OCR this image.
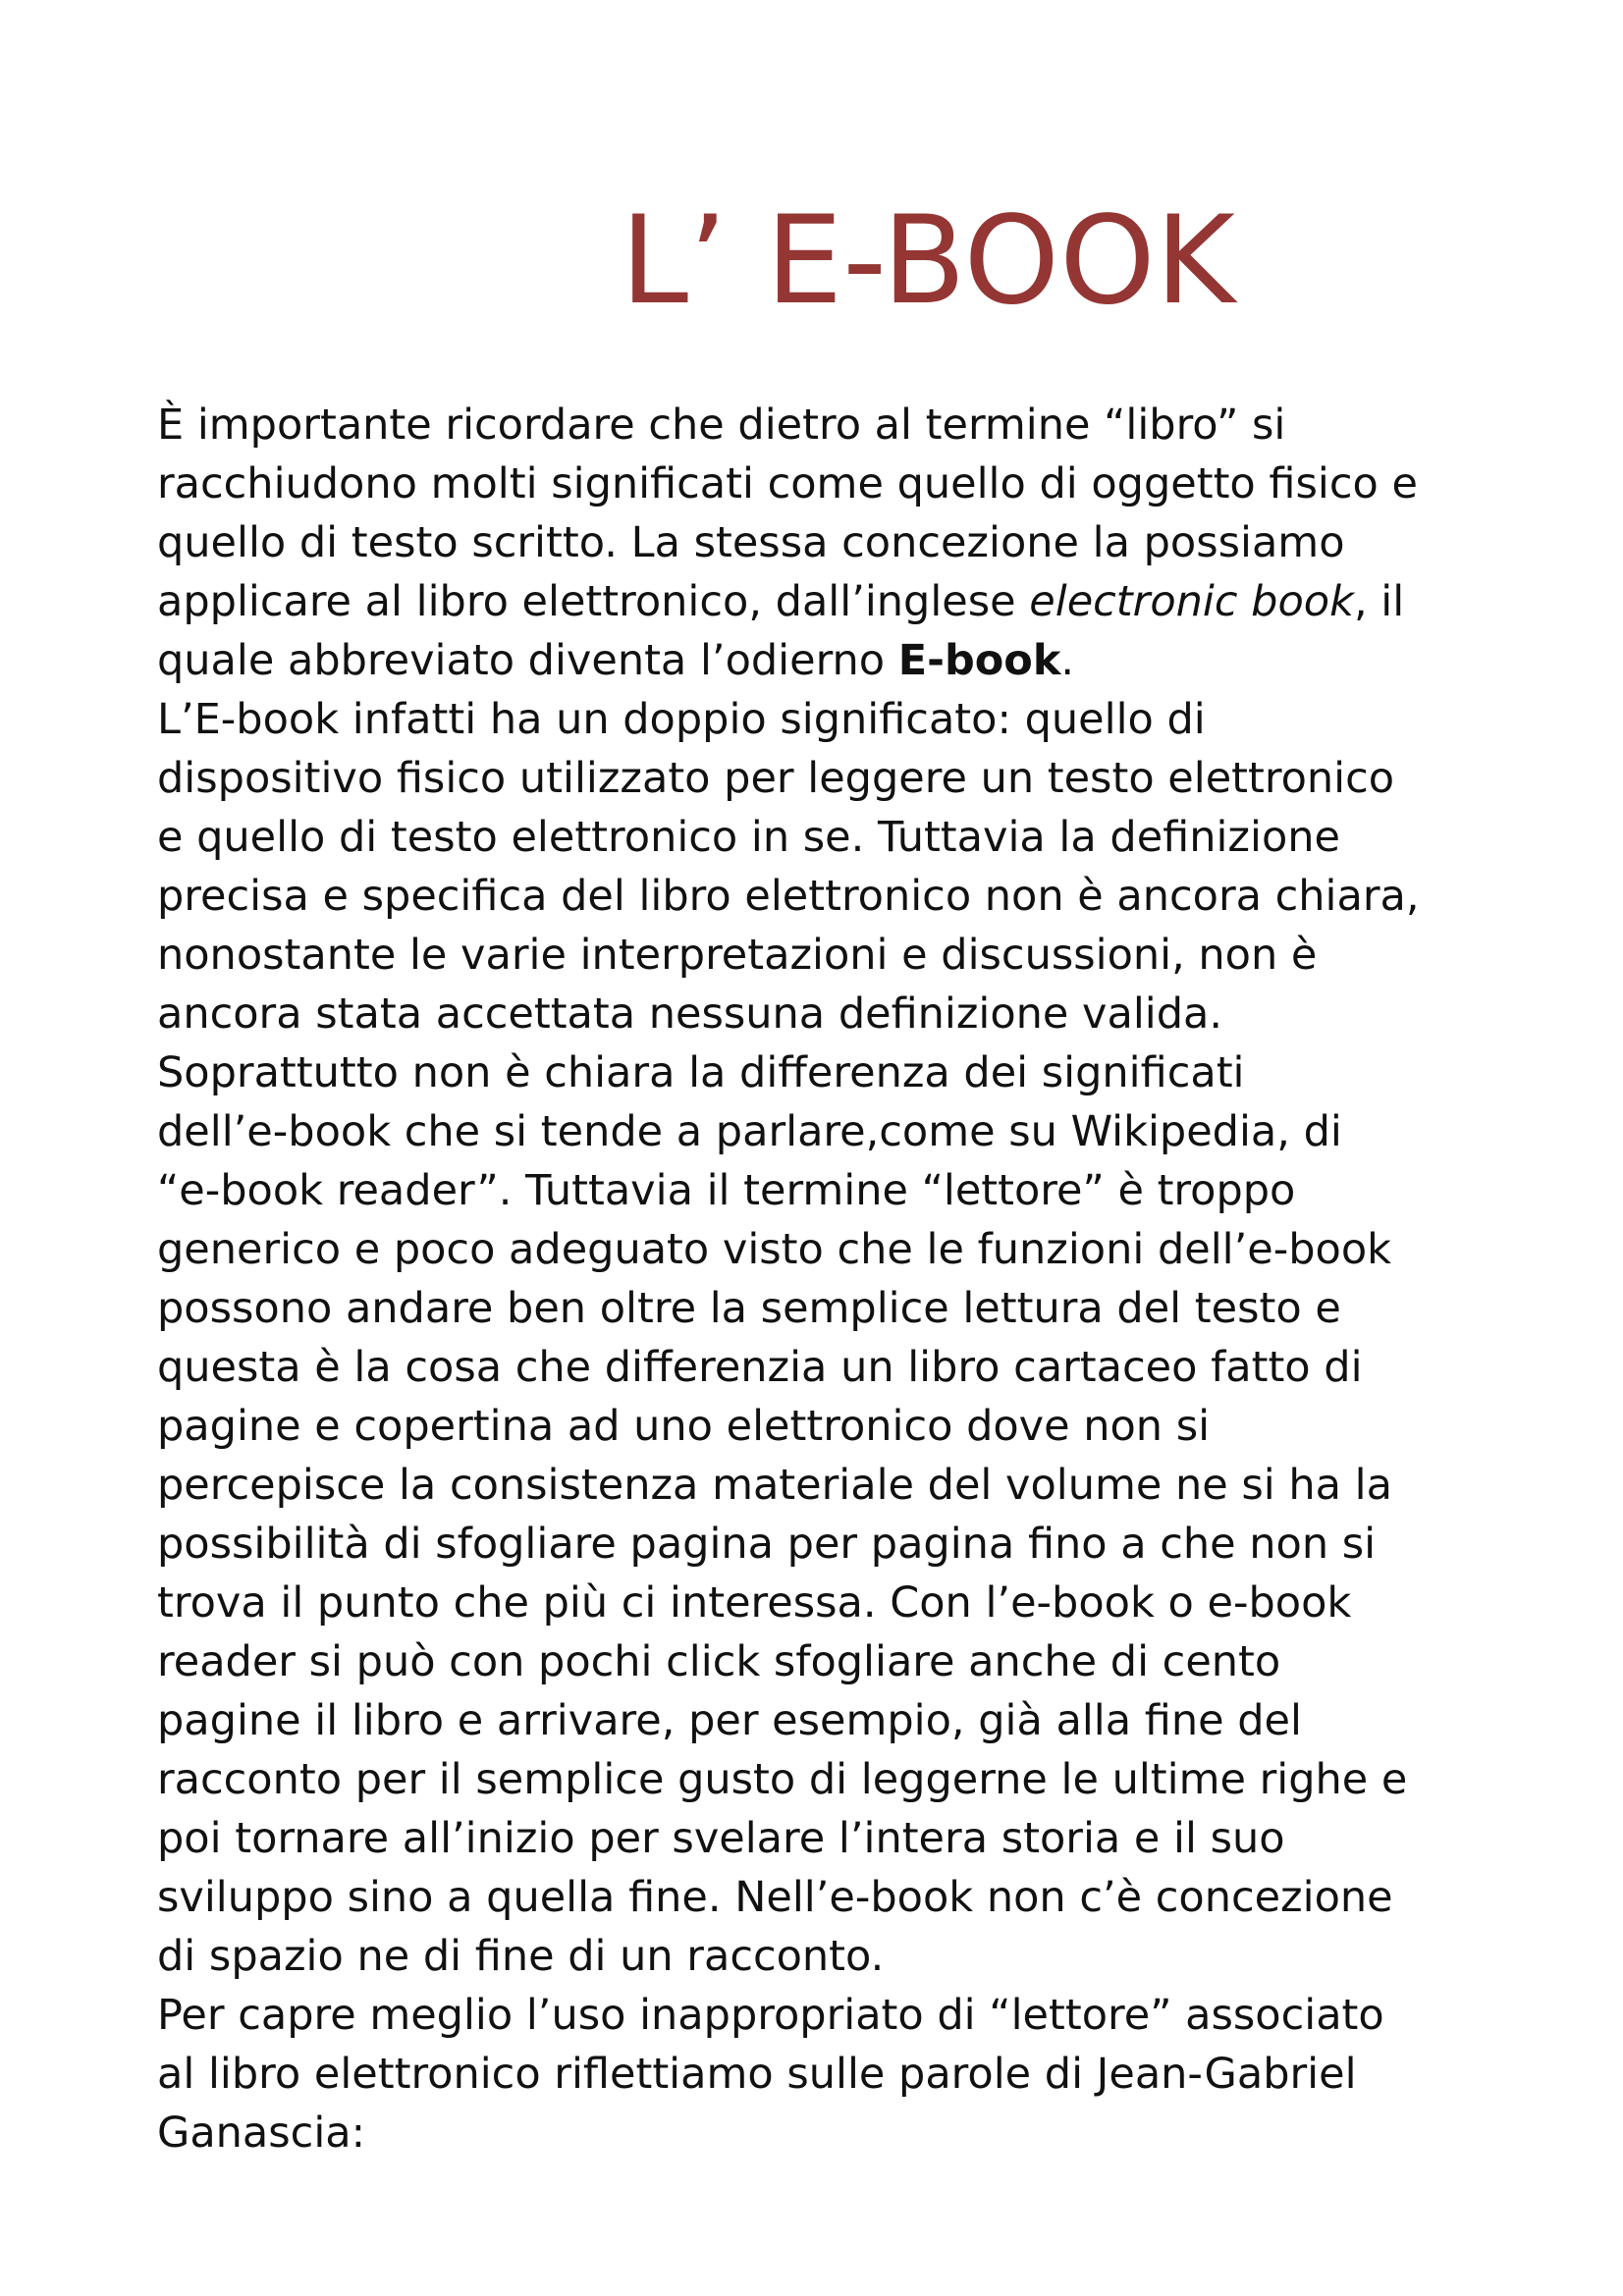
L’ E-BOOK
È importante ricordare che dietro al termine “libro” si
racchiudono molti significati come quello di oggetto fisico e
quello di testo scritto. La stessa concezione la possiamo
applicare al libro elettronico, dall’inglese electronic book, il
quale abbreviato diventa l’odierno E-book.
L’E-book infatti ha un doppio significato: quello di
dispositivo fisico utilizzato per leggere un testo elettronico
e quello di testo elettronico in se. Tuttavia la definizione
precisa e specifica del libro elettronico non è ancora chiara,
nonostante le varie interpretazioni e discussioni, non è
ancora stata accettata nessuna definizione valida.
Soprattutto non è chiara la differenza dei significati
dell’e-book che si tende a parlare,come su Wikipedia, di
“e-book reader”. Tuttavia il termine “lettore” è troppo
generico e poco adeguato visto che le funzioni dell’e-book
possono andare ben oltre la semplice lettura del testo e
questa è la cosa che differenzia un libro cartaceo fatto di
pagine e copertina ad uno elettronico dove non si
percepisce la consistenza materiale del volume ne si ha la
possibilità di sfogliare pagina per pagina fino a che non si
trova il punto che più ci interessa. Con l’e-book o e-book
reader si può con pochi click sfogliare anche di cento
pagine il libro e arrivare, per esempio, già alla fine del
racconto per il semplice gusto di leggerne le ultime righe e
poi tornare all’inizio per svelare l’intera storia e il suo
sviluppo sino a quella fine. Nell’e-book non c’è concezione
di spazio ne di fine di un racconto.
Per capre meglio l’uso inappropriato di “lettore” associato
al libro elettronico riflettiamo sulle parole di Jean-Gabriel
Ganascia:
